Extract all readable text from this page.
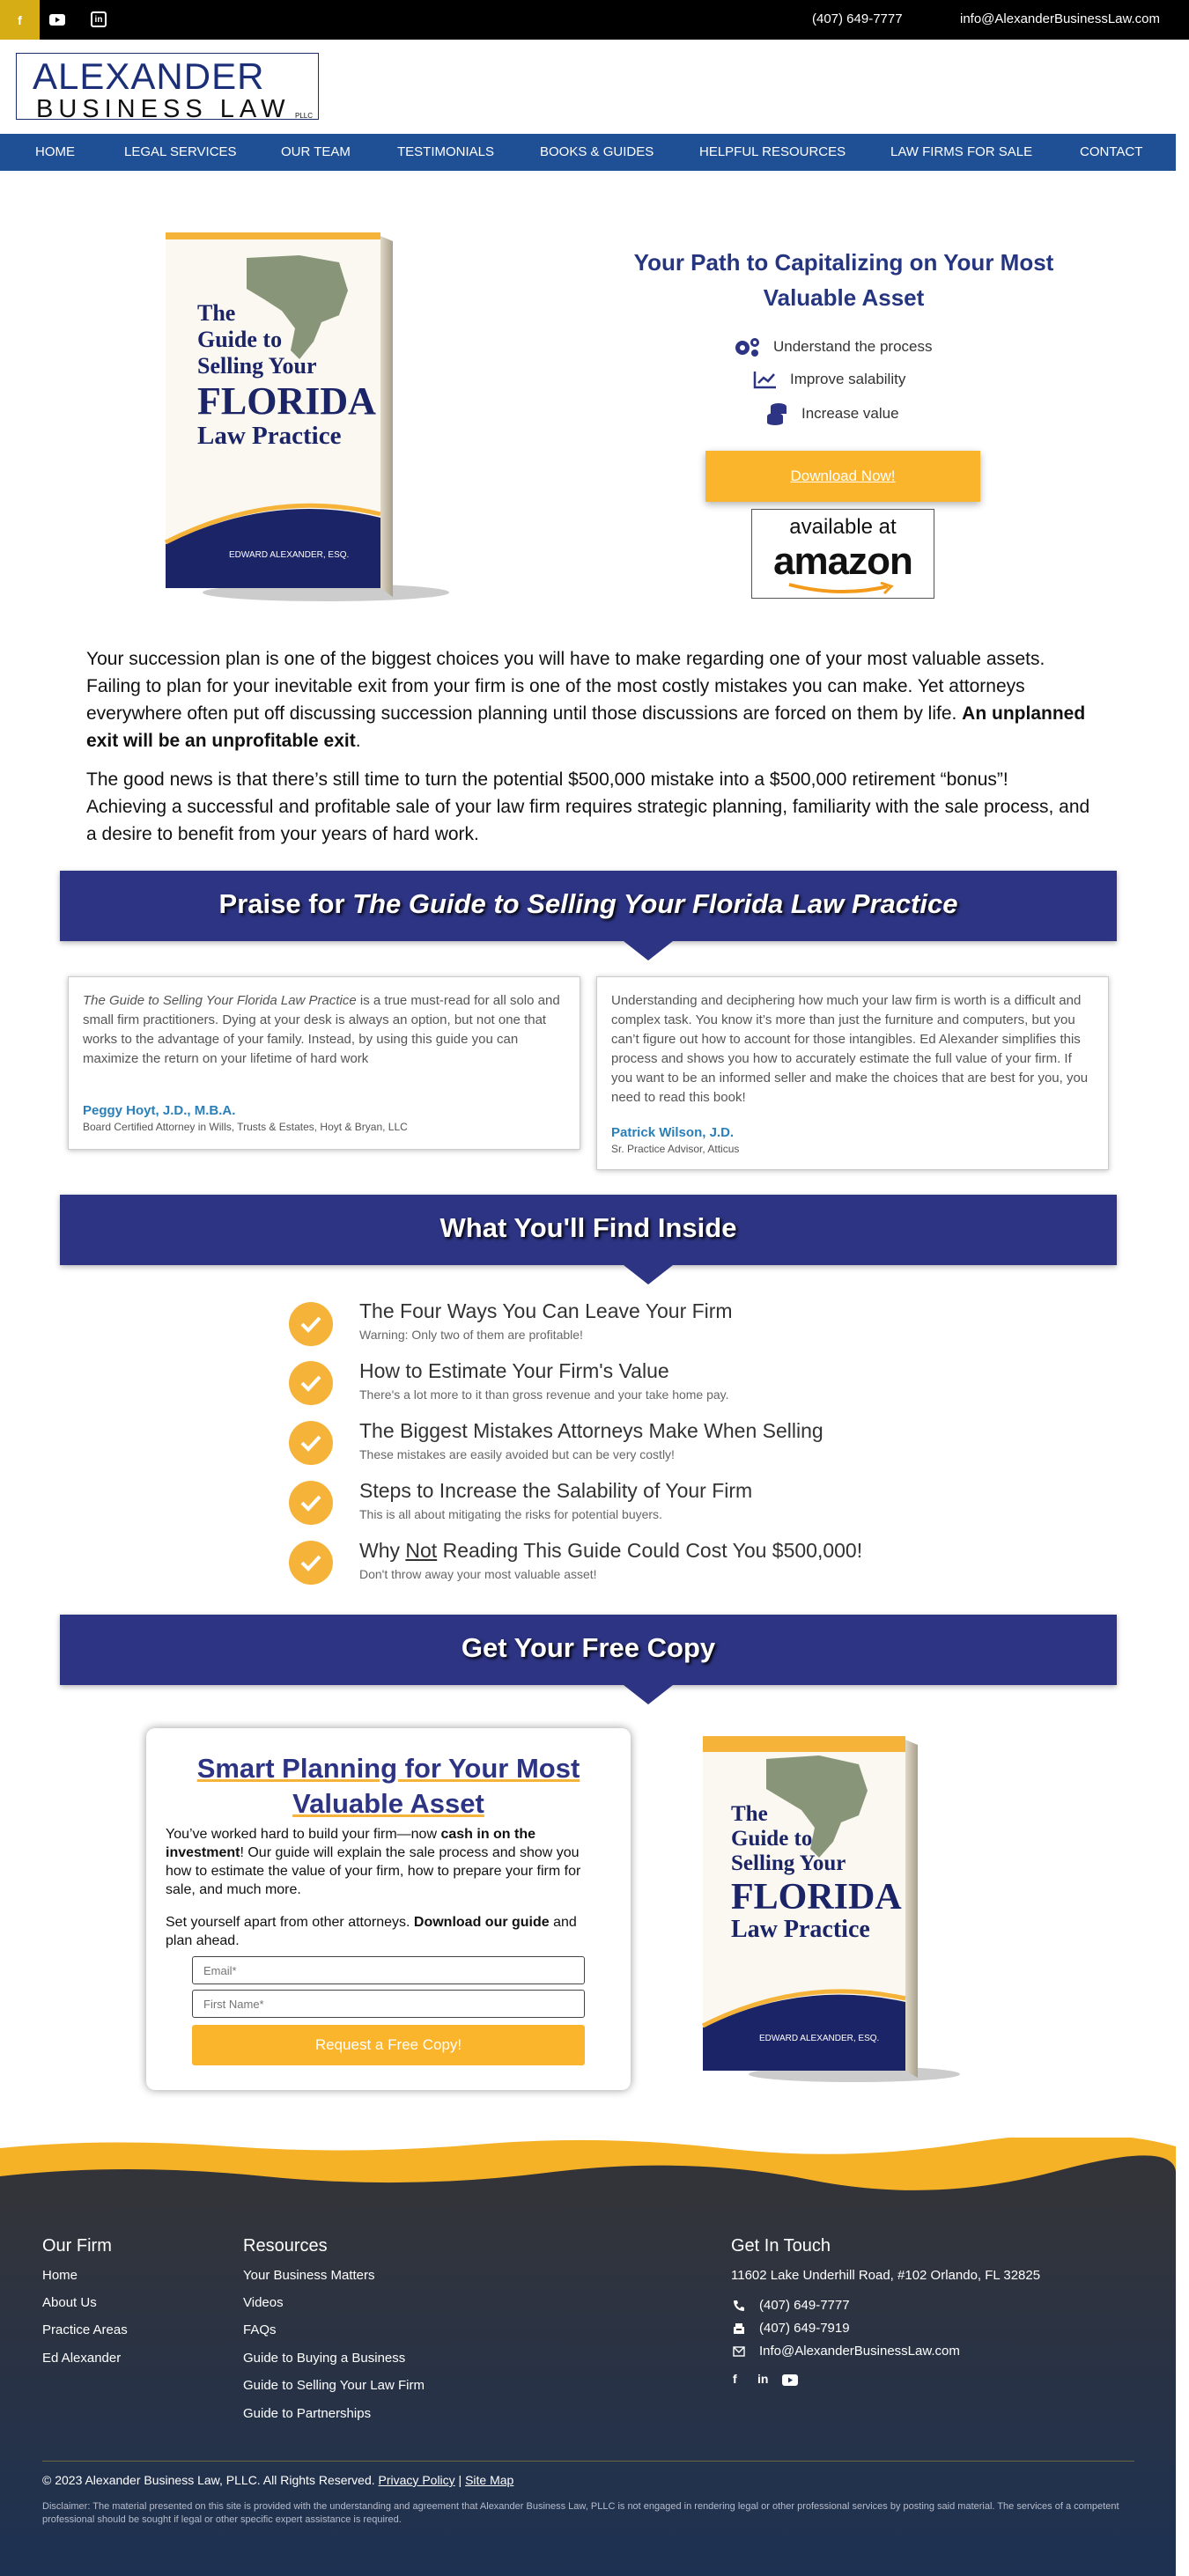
f	in	(407) 649-7777	info@AlexanderBusinessLaw.com
ALEXANDER
BUSINESS LAW PLLC
HOME	LEGAL SERVICES	OUR TEAM	TESTIMONIALS	BOOKS & GUIDES	HELPFUL RESOURCES	LAW FIRMS FOR SALE	CONTACT
The
Guide to
Selling Your
FLORIDA
Law Practice
EDWARD ALEXANDER, ESQ.
Your Path to Capitalizing on Your Most Valuable Asset
Understand the process
Improve salability
Increase value
Download Now!
available at
amazon
Your succession plan is one of the biggest choices you will have to make regarding one of your most valuable assets. Failing to plan for your inevitable exit from your firm is one of the most costly mistakes you can make. Yet attorneys everywhere often put off discussing succession planning until those discussions are forced on them by life. An unplanned exit will be an unprofitable exit.
The good news is that there’s still time to turn the potential $500,000 mistake into a $500,000 retirement “bonus”! Achieving a successful and profitable sale of your law firm requires strategic planning, familiarity with the sale process, and a desire to benefit from your years of hard work.
Praise for The Guide to Selling Your Florida Law Practice
The Guide to Selling Your Florida Law Practice is a true must-read for all solo and small firm practitioners. Dying at your desk is always an option, but not one that works to the advantage of your family. Instead, by using this guide you can maximize the return on your lifetime of hard work
Peggy Hoyt, J.D., M.B.A.
Board Certified Attorney in Wills, Trusts & Estates, Hoyt & Bryan, LLC
Understanding and deciphering how much your law firm is worth is a difficult and complex task. You know it’s more than just the furniture and computers, but you can’t figure out how to account for those intangibles. Ed Alexander simplifies this process and shows you how to accurately estimate the full value of your firm. If you want to be an informed seller and make the choices that are best for you, you need to read this book!
Patrick Wilson, J.D.
Sr. Practice Advisor, Atticus
What You'll Find Inside
The Four Ways You Can Leave Your Firm
Warning: Only two of them are profitable!
How to Estimate Your Firm's Value
There's a lot more to it than gross revenue and your take home pay.
The Biggest Mistakes Attorneys Make When Selling
These mistakes are easily avoided but can be very costly!
Steps to Increase the Salability of Your Firm
This is all about mitigating the risks for potential buyers.
Why Not Reading This Guide Could Cost You $500,000!
Don't throw away your most valuable asset!
Get Your Free Copy
Smart Planning for Your Most Valuable Asset
You’ve worked hard to build your firm—now cash in on the investment! Our guide will explain the sale process and show you how to estimate the value of your firm, how to prepare your firm for sale, and much more.
Set yourself apart from other attorneys. Download our guide and plan ahead.
Email*
First Name*
Request a Free Copy!
The
Guide to
Selling Your
FLORIDA
Law Practice
EDWARD ALEXANDER, ESQ.
Our Firm
Home
About Us
Practice Areas
Ed Alexander
Resources
Your Business Matters
Videos
FAQs
Guide to Buying a Business
Guide to Selling Your Law Firm
Guide to Partnerships
Get In Touch
11602 Lake Underhill Road, #102 Orlando, FL 32825
(407) 649-7777
(407) 649-7919
Info@AlexanderBusinessLaw.com
f in
© 2023 Alexander Business Law, PLLC. All Rights Reserved. Privacy Policy | Site Map
Disclaimer: The material presented on this site is provided with the understanding and agreement that Alexander Business Law, PLLC is not engaged in rendering legal or other professional services by posting said material. The services of a competent professional should be sought if legal or other specific expert assistance is required.
